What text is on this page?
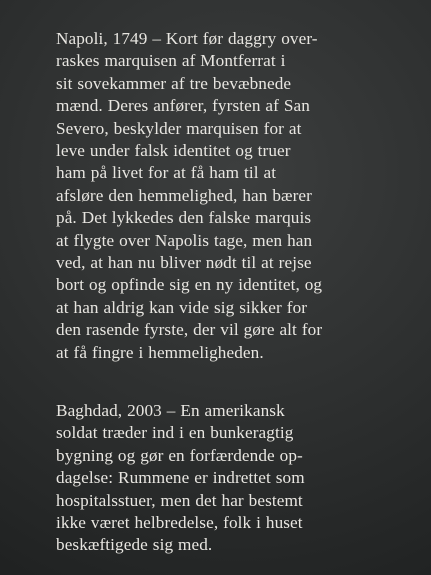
Napoli, 1749 – Kort før daggry over-
raskes marquisen af Montferrat i
sit sovekammer af tre bevæbnede
mænd. Deres anfører, fyrsten af San
Severo, beskylder marquisen for at
leve under falsk identitet og truer
ham på livet for at få ham til at
afsløre den hemmelighed, han bærer
på. Det lykkedes den falske marquis
at flygte over Napolis tage, men han
ved, at han nu bliver nødt til at rejse
bort og opfinde sig en ny identitet, og
at han aldrig kan vide sig sikker for
den rasende fyrste, der vil gøre alt for
at få fingre i hemmeligheden.
Baghdad, 2003 – En amerikansk
soldat træder ind i en bunkeragtig
bygning og gør en forfærdende op-
dagelse: Rummene er indrettet som
hospitalsstuer, men det har bestemt
ikke været helbredelse, folk i huset
beskæftigede sig med.
